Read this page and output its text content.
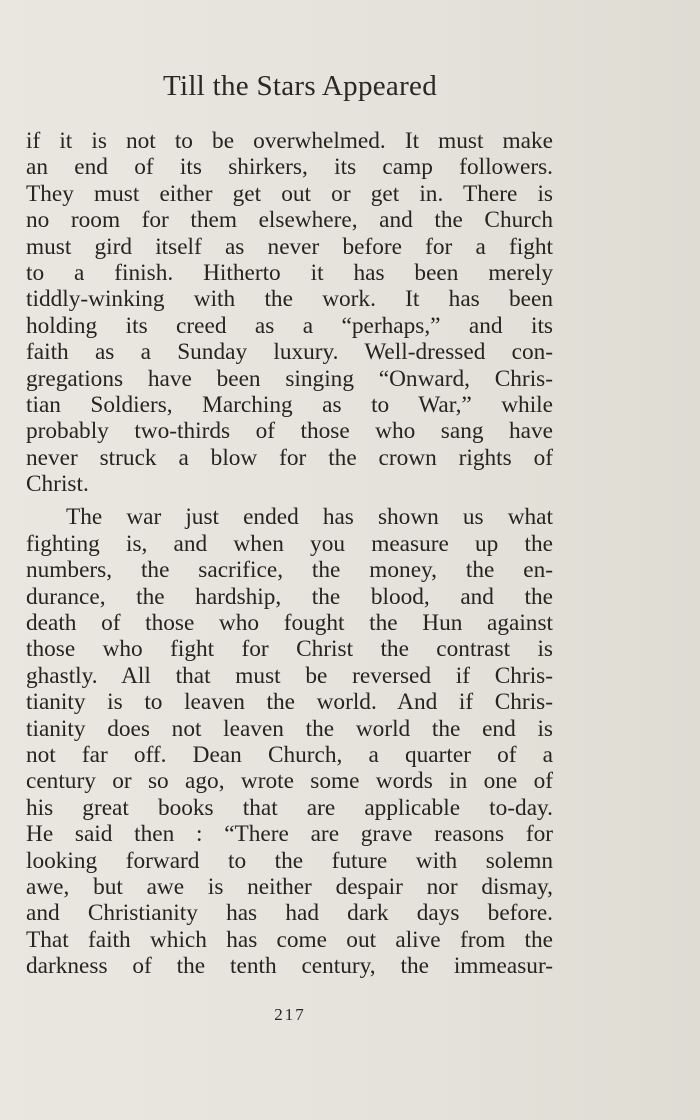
Till the Stars Appeared
if it is not to be overwhelmed. It must make
an end of its shirkers, its camp followers.
They must either get out or get in. There is
no room for them elsewhere, and the Church
must gird itself as never before for a fight
to a finish. Hitherto it has been merely
tiddly-winking with the work. It has been
holding its creed as a “perhaps,” and its
faith as a Sunday luxury. Well-dressed con-
gregations have been singing “Onward, Chris-
tian Soldiers, Marching as to War,” while
probably two-thirds of those who sang have
never struck a blow for the crown rights of
Christ.
The war just ended has shown us what
fighting is, and when you measure up the
numbers, the sacrifice, the money, the en-
durance, the hardship, the blood, and the
death of those who fought the Hun against
those who fight for Christ the contrast is
ghastly. All that must be reversed if Chris-
tianity is to leaven the world. And if Chris-
tianity does not leaven the world the end is
not far off. Dean Church, a quarter of a
century or so ago, wrote some words in one of
his great books that are applicable to-day.
He said then : “There are grave reasons for
looking forward to the future with solemn
awe, but awe is neither despair nor dismay,
and Christianity has had dark days before.
That faith which has come out alive from the
darkness of the tenth century, the immeasur-
217
